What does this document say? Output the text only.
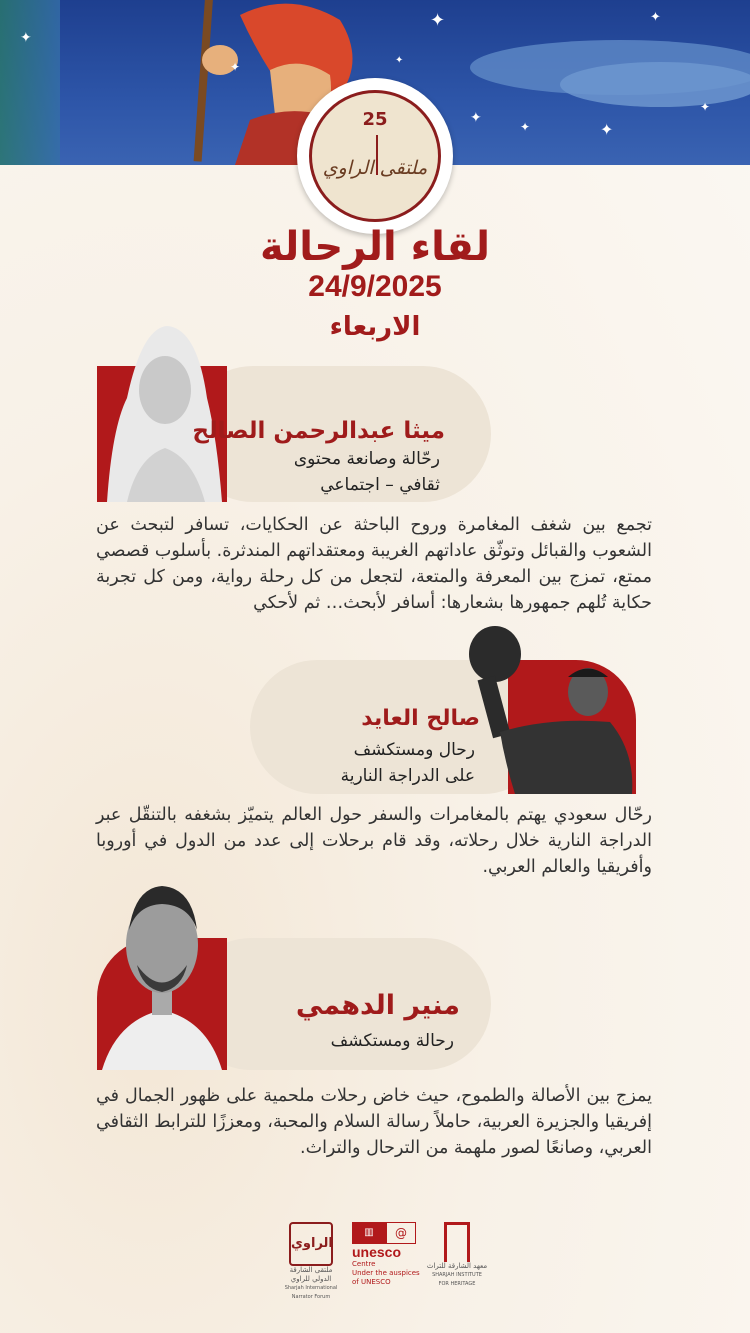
✦
✦
✦
✦
✦	✦
✦
✦
✦
25
ملتقى الراوي
لقاء الرحالة
24/9/2025
الاربعاء
ميثا عبدالرحمن الصالح
رحّالة وصانعة محتوى
ثقافي – اجتماعي
تجمع بين شغف المغامرة وروح الباحثة عن الحكايات، تسافر لتبحث عن الشعوب والقبائل وتوثّق عاداتهم الغريبة ومعتقداتهم المندثرة. بأسلوب قصصي ممتع، تمزج بين المعرفة والمتعة، لتجعل من كل رحلة رواية، ومن كل تجربة حكاية تُلهم جمهورها بشعارها: أسافر لأبحث… ثم لأحكي
صالح العايد
رحال ومستكشف
على الدراجة النارية
رحّال سعودي يهتم بالمغامرات والسفر حول العالم يتميّز بشغفه بالتنقّل عبر الدراجة النارية خلال رحلاته، وقد قام برحلات إلى عدد من الدول في أوروبا وأفريقيا والعالم العربي.
منير الدهمي
رحالة ومستكشف
يمزج بين الأصالة والطموح، حيث خاض رحلات ملحمية على ظهور الجمال في إفريقيا والجزيرة العربية، حاملاً رسالة السلام والمحبة، ومعززًا للترابط الثقافي العربي، وصانعًا لصور ملهمة من الترحال والتراث.
الراوي
ملتقى الشارقة الدولي للراوي
Sharjah International Narrator Forum
▥	@
unesco
Centre
Under the auspices
of UNESCO
معهد الشارقة للتراث
SHARJAH INSTITUTE
FOR HERITAGE
